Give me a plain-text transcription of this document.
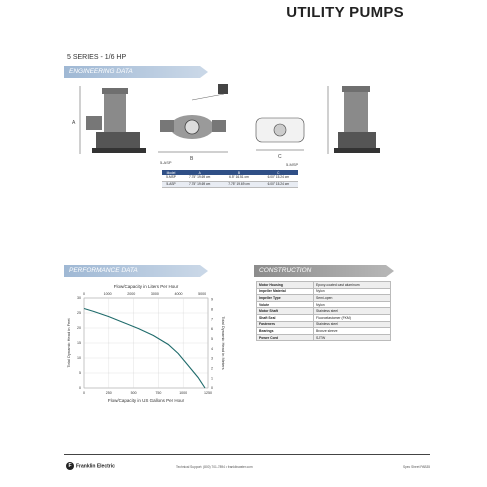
UTILITY PUMPS
5 SERIES - 1/6 HP
ENGINEERING DATA
A
B
5-ASP
C
5-MSP
Model	A	B	C
5-MSP	7.75" 19.69 cm	6.5" 16.51 cm	6.00" 15.24 cm
5-ASP	7.75" 19.69 cm	7.75" 19.69 cm	6.00" 15.24 cm
PERFORMANCE DATA	CONSTRUCTION
Flow/Capacity in Liters Per Hour
Flow/Capacity in US Gallons Per Hour
Total Dynamic Head in Feet	Total Dynamic Head in Meters
0	250	500	750	1000	1250
0	1000	2000	3000	4000	5000
0
5
10
15
20
25
30
0
1
2
3
4
5
6
7
8
9
Motor Housing	Epoxy-coated cast aluminum
Impeller Material	Nylon
Impeller Type	Semi-open
Volute	Nylon
Motor Shaft	Stainless steel
Shaft Seal	Fluoroelastomer (FKM)
Fasteners	Stainless steel
Bearings	Bronze sleeve
Power Cord	SJTW
F Franklin Electric	Technical Support: (800) 701-7894 • franklinwater.com	Spec Sheet PAB35
